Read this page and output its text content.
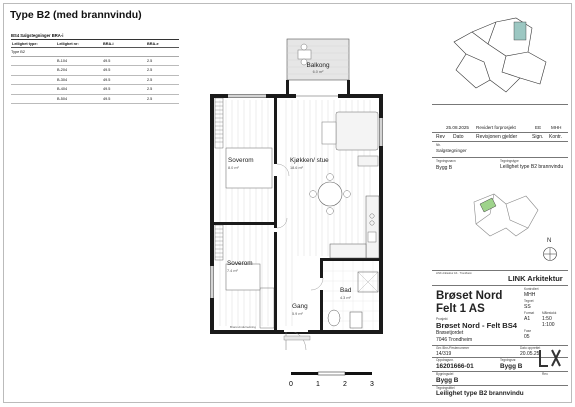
Type B2 (med brannvindu)
BS4 Salgstegninger BRA-i
Leilighet type:	Leilighet nr:	BRA-i	BRA-e
Type B2
B-104	49.5	2.5
B-204	49.5	2.5
B-304	49.5	2.5
B-404	49.5	2.5
B-504	49.5	2.5
Balkong
6.0 m²
Kjøkken/ stue
18.6 m²
Soverom
8.0 m²
Soverom
7.4 m²
Bad
4.3 m²
Gang
5.9 m²
Brannvindu/redning
0	1	2	3
25.08.2025 Revidert forprosjekt	EE MHH
Rev Dato Revisjonen gjelder	Sign. Kontr.
Nb.
Salgstegninger
Tegningsnavn
Bygg B
Tegningstype
Leilighet type B2 brannvindu
N
LINK Arkitektur AS · Trondheim
LINK Arkitektur
Brøset Nord Felt 1 AS
Kontrollert
MHH
Tegnet
SS
Prosjekt
Brøset Nord - Felt BS4
Brøsetjordet
7046 Trondheim
Format
A1
Målestokk
1:50
1:100
Fase
05
Gnr./Bnr./Festenummer
14/319
Dato opprettet
20.05.25
Oppdragsnr.
16201666-01
Tegningsnr.
Bygg B
Bygningsdel
Bygg B
Rev.
Tegningstittel
Leilighet type B2 brannvindu
